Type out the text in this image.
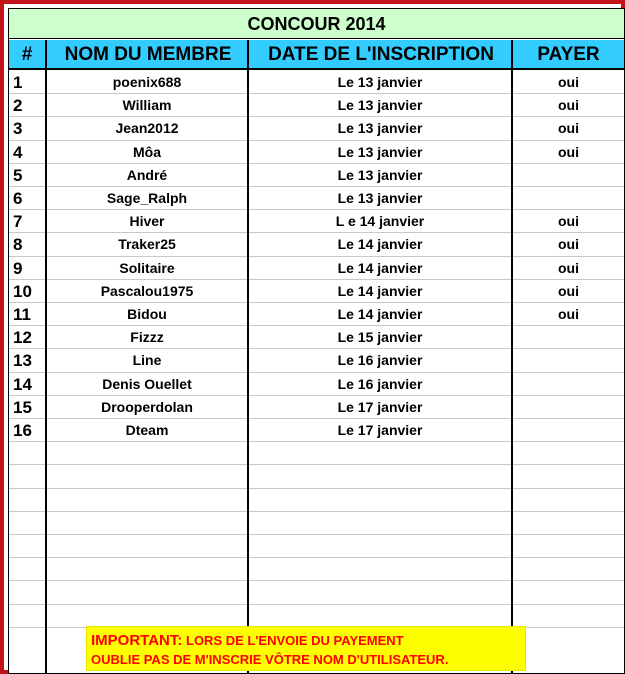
CONCOUR 2014
#	NOM DU MEMBRE	DATE DE L'INSCRIPTION	PAYER
1	poenix688	Le 13 janvier	oui
2	William	Le 13 janvier	oui
3	Jean2012	Le 13 janvier	oui
4	Môa	Le 13 janvier	oui
5	André	Le 13 janvier
6	Sage_Ralph	Le 13 janvier
7	Hiver	L e 14 janvier	oui
8	Traker25	Le 14 janvier	oui
9	Solitaire	Le 14 janvier	oui
10	Pascalou1975	Le 14 janvier	oui
11	Bidou	Le 14 janvier	oui
12	Fizzz	Le 15 janvier
13	Line	Le 16 janvier
14	Denis Ouellet	Le 16 janvier
15	Drooperdolan	Le 17 janvier
16	Dteam	Le 17 janvier
IMPORTANT: LORS DE L'ENVOIE DU PAYEMENT
OUBLIE PAS DE M'INSCRIE VÔTRE NOM D'UTILISATEUR.
